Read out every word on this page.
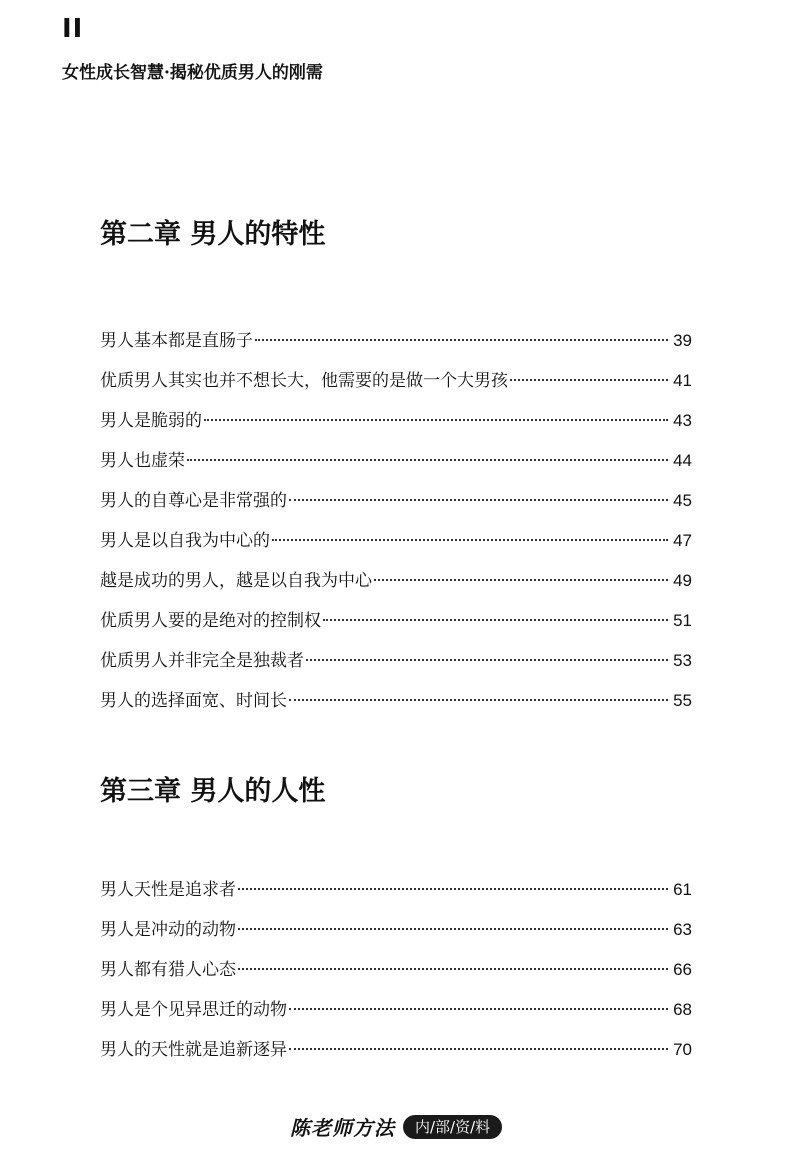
II
女性成长智慧·揭秘优质男人的刚需
第二章 男人的特性
男人基本都是直肠子	39
优质男人其实也并不想长大，他需要的是做一个大男孩	41
男人是脆弱的	43
男人也虚荣	44
男人的自尊心是非常强的	45
男人是以自我为中心的	47
越是成功的男人，越是以自我为中心	49
优质男人要的是绝对的控制权	51
优质男人并非完全是独裁者	53
男人的选择面宽、时间长	55
第三章 男人的人性
男人天性是追求者	61
男人是冲动的动物	63
男人都有猎人心态	66
男人是个见异思迁的动物	68
男人的天性就是追新逐异	70
陈老师方法	内/部/资/料
